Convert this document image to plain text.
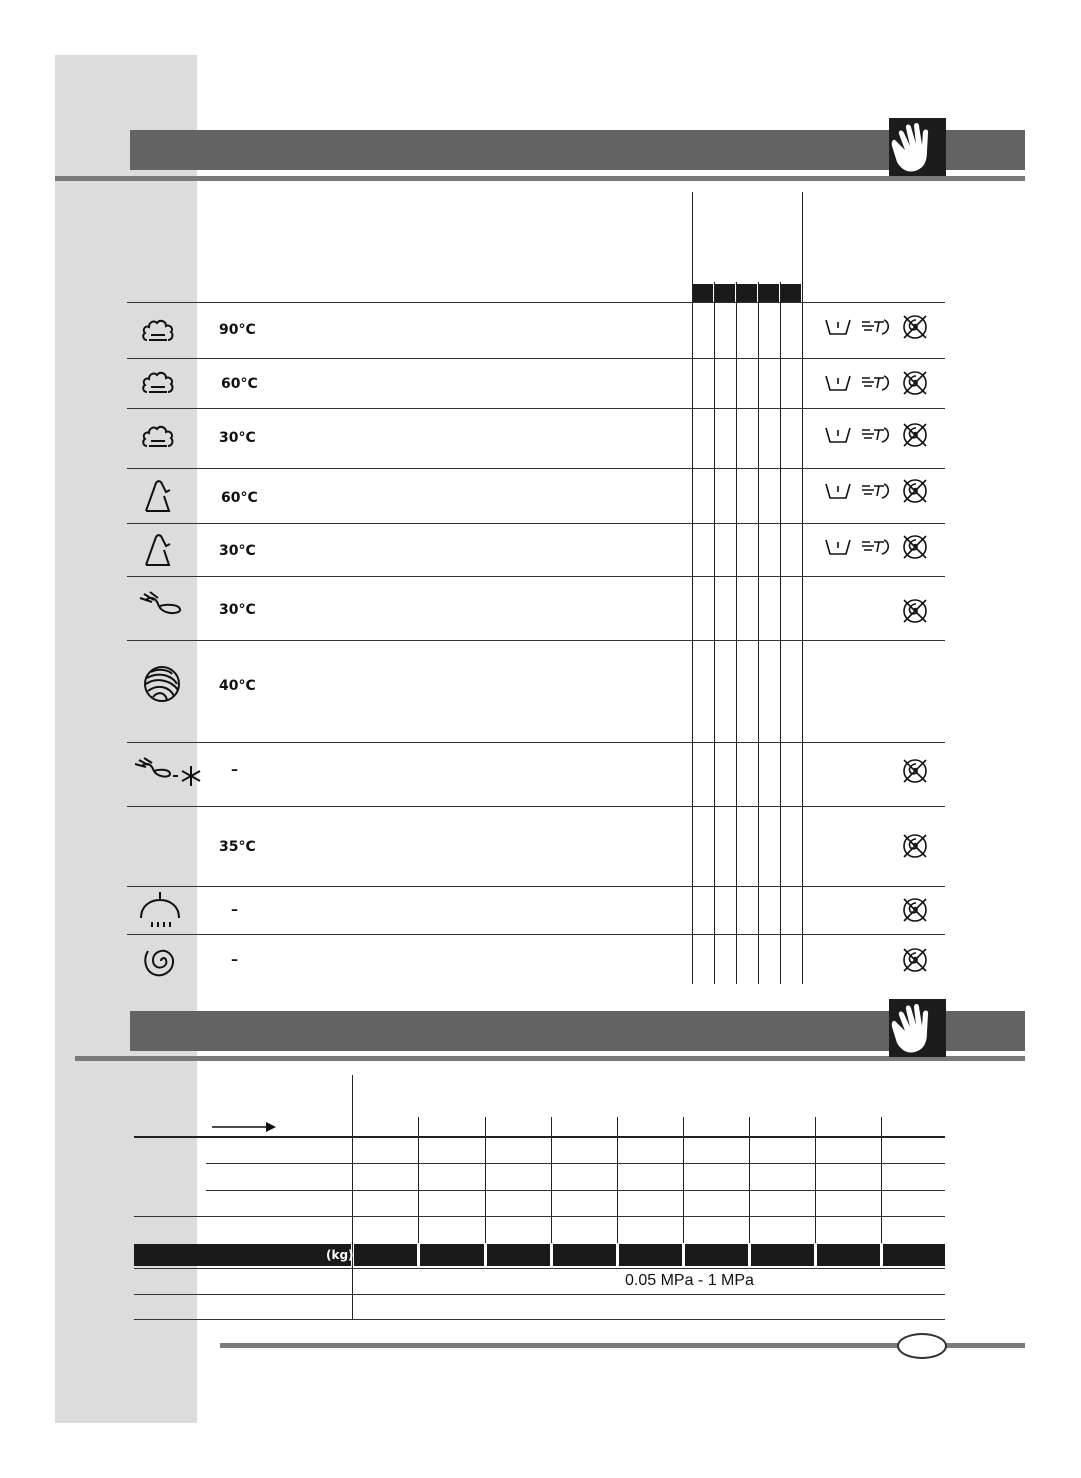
90°C
60°C
30°C
60°C
30°C
30°C
40°C
–
35°C
–
–
(kg)
0.05 MPa - 1 MPa
